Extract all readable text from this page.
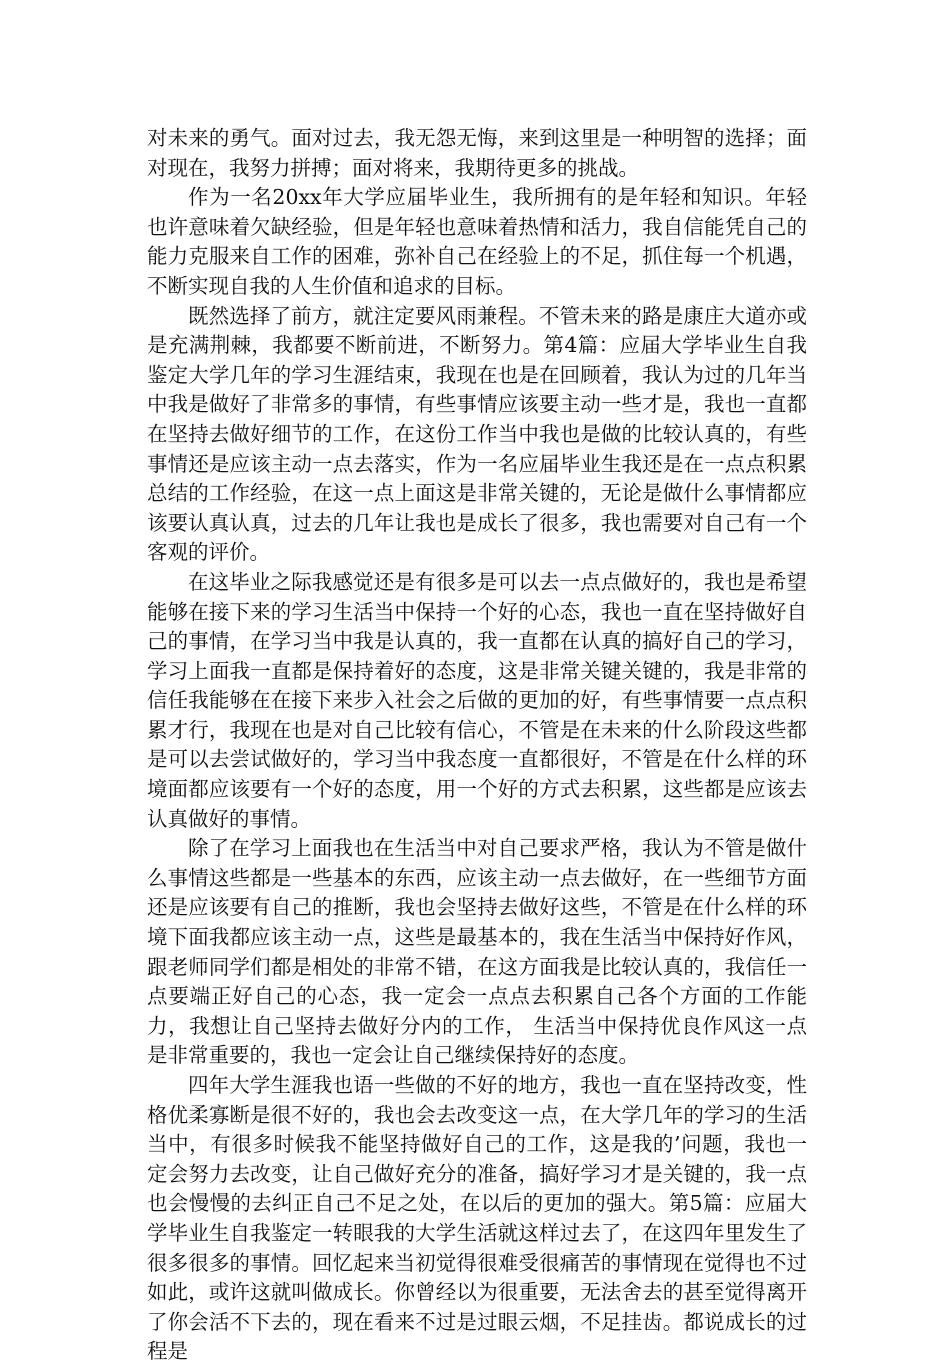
对未来的勇气。面对过去，我无怨无悔，来到这里是一种明智的选择；面对现在，我努力拼搏；面对将来，我期待更多的挑战。

作为一名20xx年大学应届毕业生，我所拥有的是年轻和知识。年轻也许意味着欠缺经验，但是年轻也意味着热情和活力，我自信能凭自己的能力克服来自工作的困难，弥补自己在经验上的不足，抓住每一个机遇，不断实现自我的人生价值和追求的目标。

既然选择了前方，就注定要风雨兼程。不管未来的路是康庄大道亦或是充满荆棘，我都要不断前进，不断努力。第4篇：应届大学毕业生自我鉴定大学几年的学习生涯结束，我现在也是在回顾着，我认为过的几年当中我是做好了非常多的事情，有些事情应该要主动一些才是，我也一直都在坚持去做好细节的工作，在这份工作当中我也是做的比较认真的，有些事情还是应该主动一点去落实，作为一名应届毕业生我还是在一点点积累总结的工作经验，在这一点上面这是非常关键的，无论是做什么事情都应该要认真认真，过去的几年让我也是成长了很多，我也需要对自己有一个客观的评价。

在这毕业之际我感觉还是有很多是可以去一点点做好的，我也是希望能够在接下来的学习生活当中保持一个好的心态，我也一直在坚持做好自己的事情，在学习当中我是认真的，我一直都在认真的搞好自己的学习，学习上面我一直都是保持着好的态度，这是非常关键关键的，我是非常的信任我能够在在接下来步入社会之后做的更加的好，有些事情要一点点积累才行，我现在也是对自己比较有信心，不管是在未来的什么阶段这些都是可以去尝试做好的，学习当中我态度一直都很好，不管是在什么样的环境面都应该要有一个好的态度，用一个好的方式去积累，这些都是应该去认真做好的事情。

除了在学习上面我也在生活当中对自己要求严格，我认为不管是做什么事情这些都是一些基本的东西，应该主动一点去做好，在一些细节方面还是应该要有自己的推断，我也会坚持去做好这些，不管是在什么样的环境下面我都应该主动一点，这些是最基本的，我在生活当中保持好作风，跟老师同学们都是相处的非常不错，在这方面我是比较认真的，我信任一点要端正好自己的心态，我一定会一点点去积累自己各个方面的工作能力，我想让自己坚持去做好分内的工作， 生活当中保持优良作风这一点是非常重要的，我也一定会让自己继续保持好的态度。

四年大学生涯我也语一些做的不好的地方，我也一直在坚持改变，性格优柔寡断是很不好的，我也会去改变这一点，在大学几年的学习的生活当中，有很多时候我不能坚持做好自己的工作，这是我的’问题，我也一定会努力去改变，让自己做好充分的准备，搞好学习才是关键的，我一点也会慢慢的去纠正自己不足之处，在以后的更加的强大。第5篇：应届大学毕业生自我鉴定一转眼我的大学生活就这样过去了，在这四年里发生了很多很多的事情。回忆起来当初觉得很难受很痛苦的事情现在觉得也不过如此，或许这就叫做成长。你曾经以为很重要，无法舍去的甚至觉得离开了你会活不下去的，现在看来不过是过眼云烟，不足挂齿。都说成长的过程是
